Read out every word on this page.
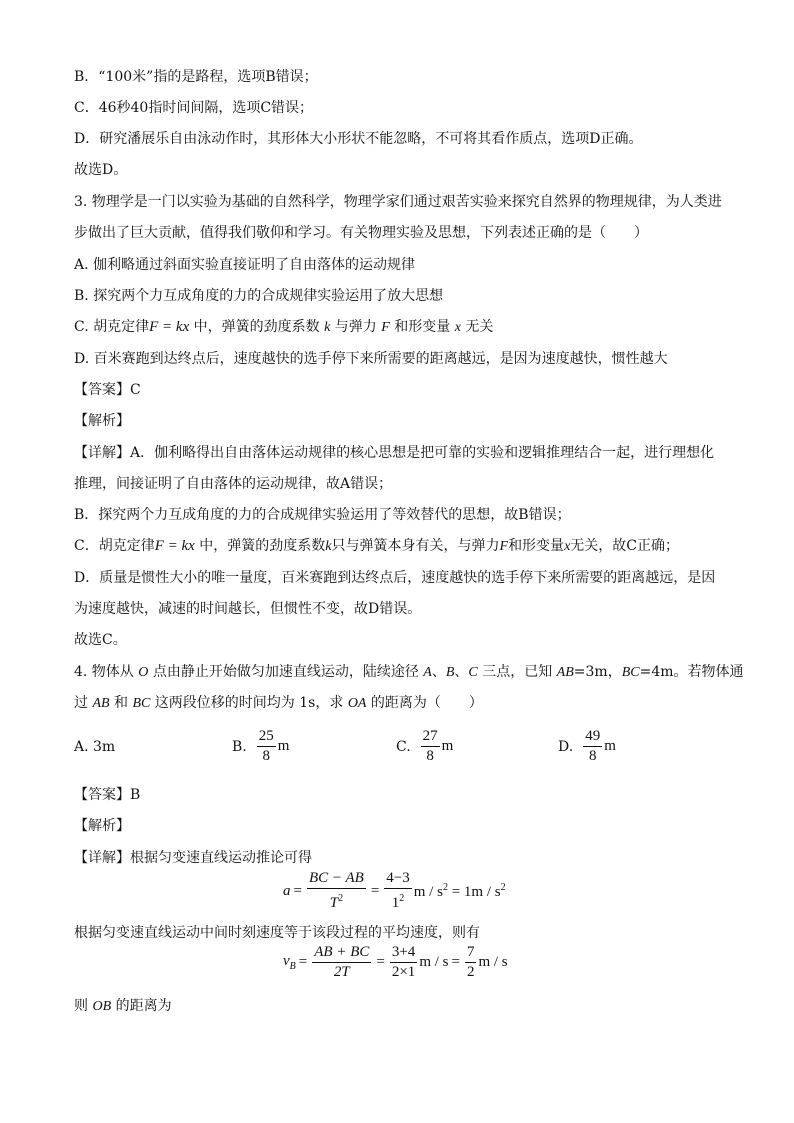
B．“100米”指的是路程，选项B错误；
C．46秒40指时间间隔，选项C错误；
D．研究潘展乐自由泳动作时，其形体大小形状不能忽略，不可将其看作质点，选项D正确。
故选D。
3. 物理学是一门以实验为基础的自然科学，物理学家们通过艰苦实验来探究自然界的物理规律，为人类进
步做出了巨大贡献，值得我们敬仰和学习。有关物理实验及思想，下列表述正确的是（　　）
A. 伽利略通过斜面实验直接证明了自由落体的运动规律
B. 探究两个力互成角度的力的合成规律实验运用了放大思想
C. 胡克定律F = kx 中，弹簧的劲度系数 k 与弹力 F 和形变量 x 无关
D. 百米赛跑到达终点后，速度越快的选手停下来所需要的距离越远，是因为速度越快，惯性越大
【答案】C
【解析】
【详解】A．伽利略得出自由落体运动规律的核心思想是把可靠的实验和逻辑推理结合一起，进行理想化
推理，间接证明了自由落体的运动规律，故A错误；
B．探究两个力互成角度的力的合成规律实验运用了等效替代的思想，故B错误；
C．胡克定律F = kx 中，弹簧的劲度系数k只与弹簧本身有关，与弹力F和形变量x无关，故C正确；
D．质量是惯性大小的唯一量度，百米赛跑到达终点后，速度越快的选手停下来所需要的距离越远，是因
为速度越快，减速的时间越长，但惯性不变，故D错误。
故选C。
4. 物体从 O 点由静止开始做匀加速直线运动，陆续途径 A、B、C 三点，已知 AB=3m，BC=4m。若物体通
过 AB 和 BC 这两段位移的时间均为 1s，求 OA 的距离为（　　）
A. 3m	B. $\frac{25}{8}$ m	C. $\frac{27}{8}$ m	D. $\frac{49}{8}$ m
【答案】B
【解析】
【详解】根据匀变速直线运动推论可得
$a = \frac{BC - AB}{T^2} = \frac{4-3}{1^2}$ $m / s^2 = 1m / s^2$
根据匀变速直线运动中间时刻速度等于该段过程的平均速度，则有
$v_B = \frac{AB + BC}{2T} = \frac{3+4}{2\times 1}$ $m / s = \frac{7}{2}$ m / s
则 OB 的距离为
